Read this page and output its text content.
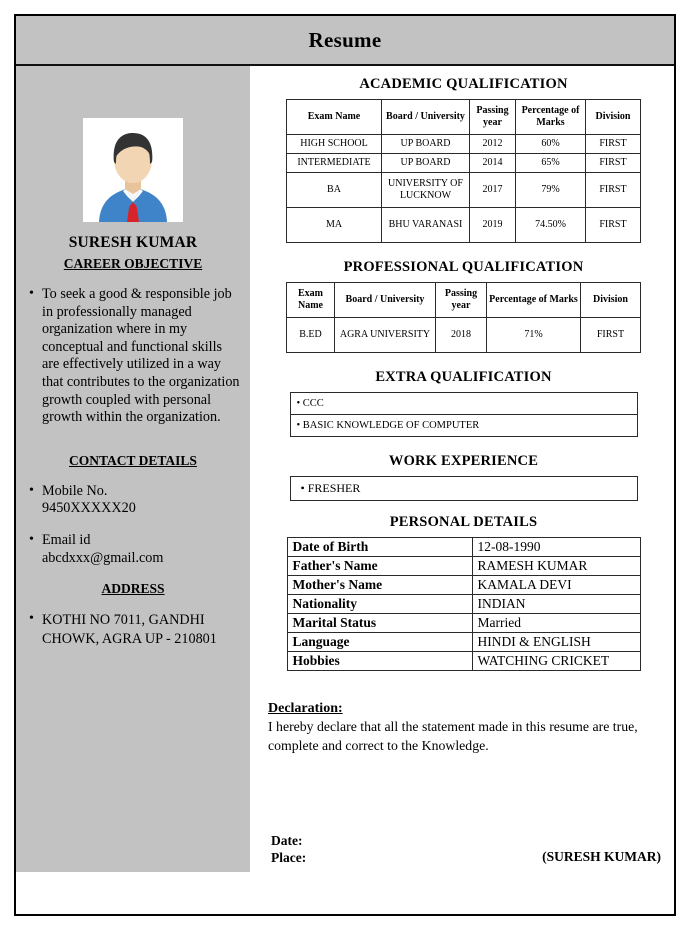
Resume
SURESH KUMAR
CAREER OBJECTIVE
• To seek a good & responsible job in professionally managed organization where in my conceptual and functional skills are effectively utilized in a way that contributes to the organization growth coupled with personal growth within the organization.
CONTACT DETAILS
• Mobile No.
9450XXXXX20
• Email id
abcdxxx@gmail.com
ADDRESS
• KOTHI NO 7011, GANDHI
CHOWK, AGRA UP - 210801
ACADEMIC QUALIFICATION
Exam Name	Board / University	Passing year	Percentage of Marks	Division
HIGH SCHOOL	UP BOARD	2012	60%	FIRST
INTERMEDIATE	UP BOARD	2014	65%	FIRST
BA	UNIVERSITY OF LUCKNOW	2017	79%	FIRST
MA	BHU VARANASI	2019	74.50%	FIRST
PROFESSIONAL QUALIFICATION
Exam Name	Board / University	Passing year	Percentage of Marks	Division
B.ED	AGRA UNIVERSITY	2018	71%	FIRST
EXTRA QUALIFICATION
• CCC
• BASIC KNOWLEDGE OF COMPUTER
WORK EXPERIENCE
• FRESHER
PERSONAL DETAILS
Date of Birth	12-08-1990
Father's Name	RAMESH KUMAR
Mother's Name	KAMALA DEVI
Nationality	INDIAN
Marital Status	Married
Language	HINDI & ENGLISH
Hobbies	WATCHING CRICKET
Declaration:
I hereby declare that all the statement made in this resume are true,
complete and correct to the Knowledge.
Date:
Place:	(SURESH KUMAR)
